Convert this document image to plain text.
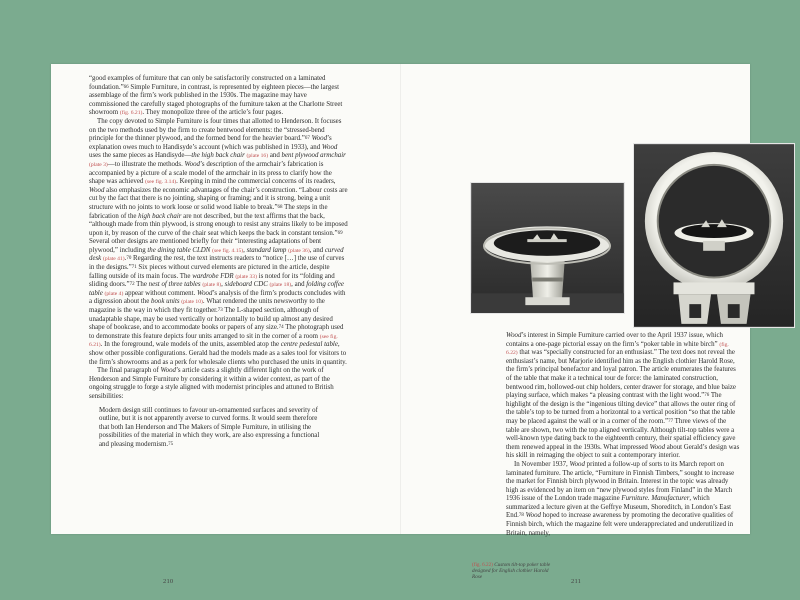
“good examples of furniture that can only be satisfactorily constructed on a laminated foundation.”$^{66}$ Simple Furniture, in contrast, is represented by eighteen pieces—the largest assemblage of the firm’s work published in the 1930s. The magazine may have commissioned the carefully staged photographs of the furniture taken at the Charlotte Street showroom (fig. 6.21). They monopolize three of the article’s four pages.

The copy devoted to Simple Furniture is four times that allotted to Henderson. It focuses on the two methods used by the firm to create bentwood elements: the “stressed-bend principle for the thinner plywood, and the formed bend for the heavier board.”$^{67}$ Wood’s explanation owes much to Handisyde’s account (which was published in 1933), and Wood uses the same pieces as Handisyde—the high back chair (plate 16) and bent plywood armchair (plate 3)—to illustrate the methods. Wood’s description of the armchair’s fabrication is accompanied by a picture of a scale model of the armchair in its press to clarify how the shape was achieved (see fig. 3.14). Keeping in mind the commercial concerns of its readers, Wood also emphasizes the economic advantages of the chair’s construction. “Labour costs are cut by the fact that there is no jointing, shaping or framing; and it is strong, being a unit structure with no joints to work loose or solid wood liable to break.”$^{68}$ The steps in the fabrication of the high back chair are not described, but the text affirms that the back, “although made from thin plywood, is strong enough to resist any strains likely to be imposed upon it, by reason of the curve of the chair seat which keeps the back in constant tension.”$^{69}$ Several other designs are mentioned briefly for their “interesting adaptations of bent plywood,” including the dining table CLDN (see fig. 4.15), standard lamp (plate 36), and curved desk (plate 41).$^{70}$ Regarding the rest, the text instructs readers to “notice […] the use of curves in the designs.”$^{71}$ Six pieces without curved elements are pictured in the article, despite falling outside of its main focus. The wardrobe FDR (plate 33) is noted for its “folding and sliding doors.”$^{72}$ The nest of three tables (plate 8), sideboard CDC (plate 18), and folding coffee table (plate 4) appear without comment. Wood’s analysis of the firm’s products concludes with a digression about the book units (plate 10). What rendered the units newsworthy to the magazine is the way in which they fit together.$^{73}$ The L-shaped section, although of unadaptable shape, may be used vertically or horizontally to build up almost any desired shape of bookcase, and to accommodate books or papers of any size.$^{74}$ The photograph used to demonstrate this feature depicts four units arranged to sit in the corner of a room (see fig. 6.21). In the foreground, wale models of the units, assembled atop the centre pedestal table, show other possible configurations. Gerald had the models made as a sales tool for visitors to the firm’s showrooms and as a perk for wholesale clients who purchased the units in quantity.

The final paragraph of Wood’s article casts a slightly different light on the work of Henderson and Simple Furniture by considering it within a wider context, as part of the ongoing struggle to forge a style aligned with modernist principles and attuned to British sensibilities:

Modern design still continues to favour un-ornamented surfaces and severity of outline, but it is not apparently averse to curved forms. It would seem therefore that both Ian Henderson and The Makers of Simple Furniture, in utilising the possibilities of the material in which they work, are also expressing a functional and pleasing modernism.$^{75}$

210

Wood’s interest in Simple Furniture carried over to the April 1937 issue, which contains a one-page pictorial essay on the firm’s “poker table in white birch” (fig. 6.22) that was “specially constructed for an enthusiast.” The text does not reveal the enthusiast’s name, but Marjorie identified him as the English clothier Harold Rose, the firm’s principal benefactor and loyal patron. The article enumerates the features of the table that make it a technical tour de force: the laminated construction, bentwood rim, hollowed-out chip holders, center drawer for storage, and blue baize playing surface, which makes “a pleasing contrast with the light wood.”$^{76}$ The highlight of the design is the “ingenious tilting device” that allows the outer ring of the table’s top to be turned from a horizontal to a vertical position “so that the table may be placed against the wall or in a corner of the room.”$^{77}$ Three views of the table are shown, two with the top aligned vertically. Although tilt-top tables were a well-known type dating back to the eighteenth century, their spatial efficiency gave them renewed appeal in the 1930s. What impressed Wood about Gerald’s design was his skill in reimaging the object to suit a contemporary interior.

In November 1937, Wood printed a follow-up of sorts to its March report on laminated furniture. The article, “Furniture in Finnish Timbers,” sought to increase the market for Finnish birch plywood in Britain. Interest in the topic was already high as evidenced by an item on “new plywood styles from Finland” in the March 1936 issue of the London trade magazine Furniture. Manufacturer, which summarized a lecture given at the Geffrye Museum, Shoreditch, in London’s East End.$^{78}$ Wood hoped to increase awareness by promoting the decorative qualities of Finnish birch, which the magazine felt were underappreciated and underutilized in Britain, namely,

(fig. 6.22) Custom tilt-top poker table designed for English clothier Harold Rose
211
